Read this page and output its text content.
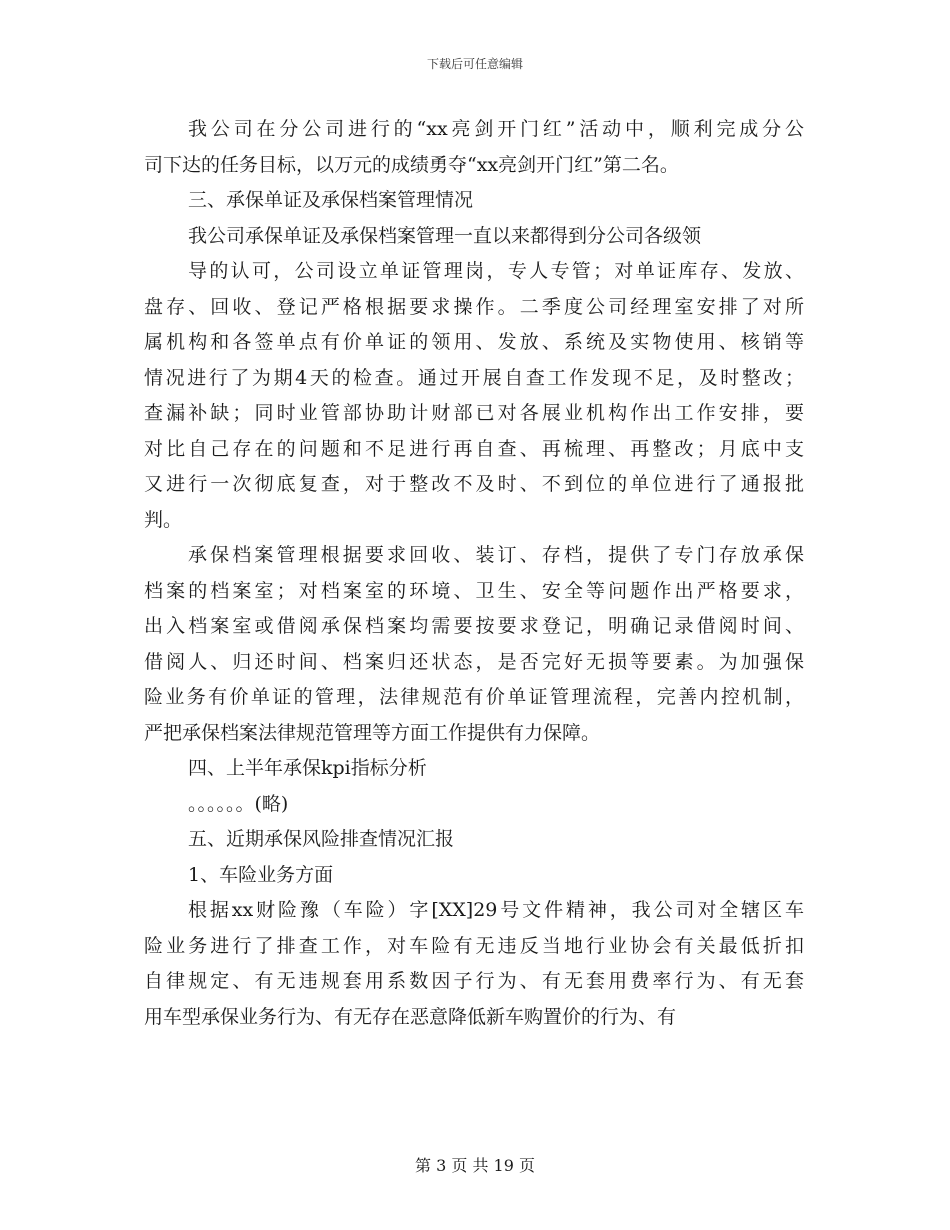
下载后可任意编辑
我公司在分公司进行的“xx亮剑开门红”活动中，顺利完成分公
司下达的任务目标，以万元的成绩勇夺“xx亮剑开门红”第二名。
三、承保单证及承保档案管理情况
我公司承保单证及承保档案管理一直以来都得到分公司各级领
导的认可，公司设立单证管理岗，专人专管；对单证库存、发放、
盘存、回收、登记严格根据要求操作。二季度公司经理室安排了对所
属机构和各签单点有价单证的领用、发放、系统及实物使用、核销等
情况进行了为期4天的检查。通过开展自查工作发现不足，及时整改；
查漏补缺；同时业管部协助计财部已对各展业机构作出工作安排，要
对比自己存在的问题和不足进行再自查、再梳理、再整改；月底中支
又进行一次彻底复查，对于整改不及时、不到位的单位进行了通报批
判。
承保档案管理根据要求回收、装订、存档，提供了专门存放承保
档案的档案室；对档案室的环境、卫生、安全等问题作出严格要求，
出入档案室或借阅承保档案均需要按要求登记，明确记录借阅时间、
借阅人、归还时间、档案归还状态，是否完好无损等要素。为加强保
险业务有价单证的管理，法律规范有价单证管理流程，完善内控机制，
严把承保档案法律规范管理等方面工作提供有力保障。
四、上半年承保kpi指标分析
。。。。。。(略)
五、近期承保风险排查情况汇报
1、车险业务方面
根据xx财险豫（车险）字[XX]29号文件精神，我公司对全辖区车
险业务进行了排查工作，对车险有无违反当地行业协会有关最低折扣
自律规定、有无违规套用系数因子行为、有无套用费率行为、有无套
用车型承保业务行为、有无存在恶意降低新车购置价的行为、有
第 3 页 共 19 页
